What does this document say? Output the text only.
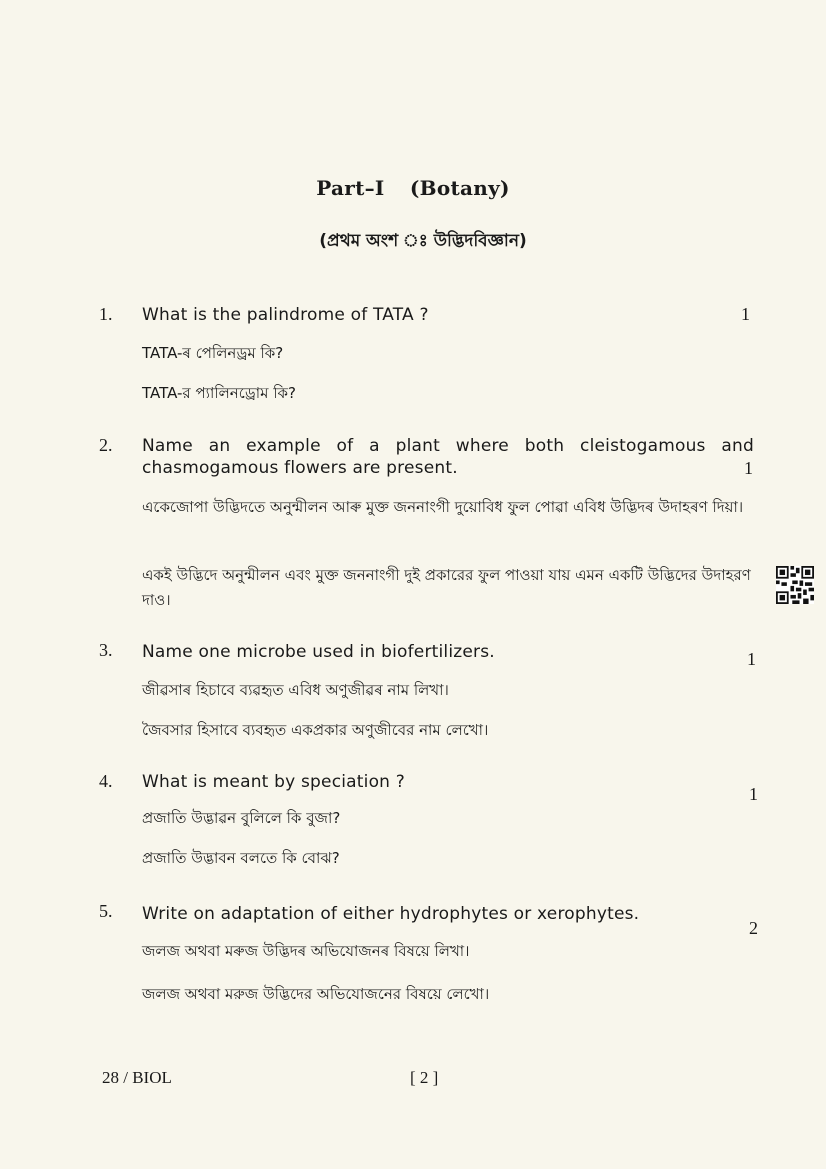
Part–I (Botany)
(প্ৰথম অংশ ঃ উদ্ভিদবিজ্ঞান)
1. What is the palindrome of TATA ?	1
TATA-ৰ পেলিনড্ৰম কি?
TATA-র প্যালিনড্রোম কি?
2. Name an example of a plant where both cleistogamous and chasmogamous flowers are present.	1
একেজোপা উদ্ভিদতে অনুন্মীলন আৰু মুক্ত জননাংগী দুয়োবিধ ফুল পোৱা এবিধ উদ্ভিদৰ উদাহৰণ দিয়া।
একই উদ্ভিদে অনুন্মীলন এবং মুক্ত জননাংগী দুই প্রকারের ফুল পাওয়া যায় এমন একটি উদ্ভিদের উদাহরণ দাও।
3. Name one microbe used in biofertilizers.	1
জীৱসাৰ হিচাবে ব্যৱহৃত এবিধ অণুজীৱৰ নাম লিখা।
জৈবসার হিসাবে ব্যবহৃত একপ্রকার অণুজীবের নাম লেখো।
4. What is meant by speciation ?
1
প্ৰজাতি উদ্ভাৱন বুলিলে কি বুজা?
প্রজাতি উদ্ভাবন বলতে কি বোঝ?
5. Write on adaptation of either hydrophytes or xerophytes.
2
জলজ অথবা মৰুজ উদ্ভিদৰ অভিযোজনৰ বিষয়ে লিখা।
জলজ অথবা মরুজ উদ্ভিদের অভিযোজনের বিষয়ে লেখো।
28 / BIOL	[ 2 ]
